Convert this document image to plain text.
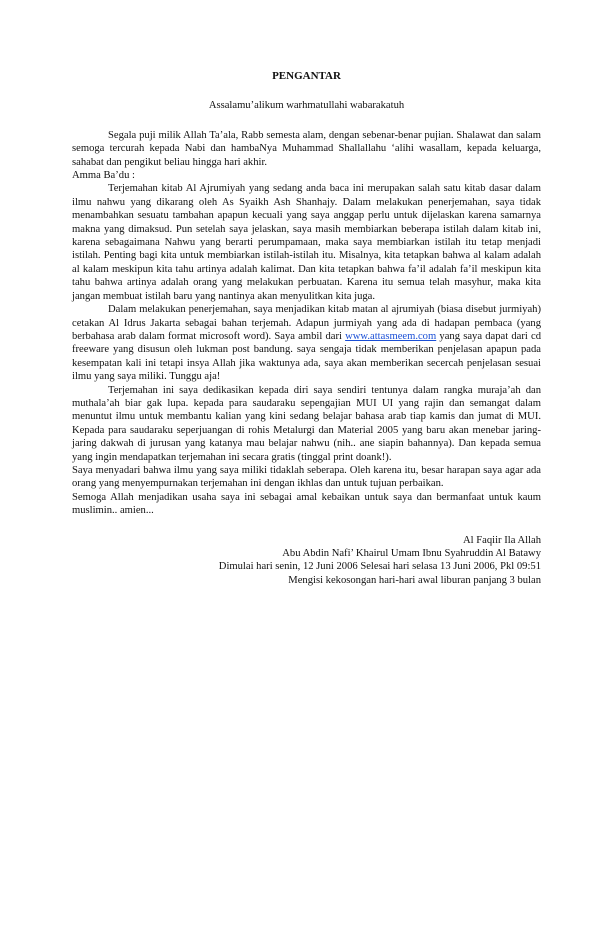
PENGANTAR
Assalamu’alikum warhmatullahi wabarakatuh

Segala puji milik Allah Ta’ala, Rabb semesta alam, dengan sebenar-benar pujian. Shalawat dan salam semoga tercurah kepada Nabi dan hambaNya Muhammad Shallallahu ‘alihi wasallam, kepada keluarga, sahabat dan pengikut beliau hingga hari akhir.

Amma Ba’du :

Terjemahan kitab Al Ajrumiyah yang sedang anda baca ini merupakan salah satu kitab dasar dalam ilmu nahwu yang dikarang oleh As Syaikh Ash Shanhajy. Dalam melakukan penerjemahan, saya tidak menambahkan sesuatu tambahan apapun kecuali yang saya anggap perlu untuk dijelaskan karena samarnya makna yang dimaksud. Pun setelah saya jelaskan, saya masih membiarkan beberapa istilah dalam kitab ini, karena sebagaimana Nahwu yang berarti perumpamaan, maka saya membiarkan istilah itu tetap menjadi istilah. Penting bagi kita untuk membiarkan istilah-istilah itu. Misalnya, kita tetapkan bahwa al kalam adalah al kalam meskipun kita tahu artinya adalah kalimat. Dan kita tetapkan bahwa fa’il adalah fa’il meskipun kita tahu bahwa artinya adalah orang yang melakukan perbuatan. Karena itu semua telah masyhur, maka kita jangan membuat istilah baru yang nantinya akan menyulitkan kita juga.

Dalam melakukan penerjemahan, saya menjadikan kitab matan al ajrumiyah (biasa disebut jurmiyah) cetakan Al Idrus Jakarta sebagai bahan terjemah. Adapun jurmiyah yang ada di hadapan pembaca (yang berbahasa arab dalam format microsoft word). Saya ambil dari www.attasmeem.com yang saya dapat dari cd freeware yang disusun oleh lukman post bandung. saya sengaja tidak memberikan penjelasan apapun pada kesempatan kali ini tetapi insya Allah jika waktunya ada, saya akan memberikan secercah penjelasan sesuai ilmu yang saya miliki. Tunggu aja!

Terjemahan ini saya dedikasikan kepada diri saya sendiri tentunya dalam rangka muraja’ah dan muthala’ah biar gak lupa. kepada para saudaraku sepengajian MUI UI yang rajin dan semangat dalam menuntut ilmu untuk membantu kalian yang kini sedang belajar bahasa arab tiap kamis dan jumat di MUI. Kepada para saudaraku seperjuangan di rohis Metalurgi dan Material 2005 yang baru akan menebar jaring-jaring dakwah di jurusan yang katanya mau belajar nahwu (nih.. ane siapin bahannya). Dan kepada semua yang ingin mendapatkan terjemahan ini secara gratis (tinggal print doank!).

Saya menyadari bahwa ilmu yang saya miliki tidaklah seberapa. Oleh karena itu, besar harapan saya agar ada orang yang menyempurnakan terjemahan ini dengan ikhlas dan untuk tujuan perbaikan.

Semoga Allah menjadikan usaha saya ini sebagai amal kebaikan untuk saya dan bermanfaat untuk kaum muslimin.. amien...

Al Faqiir Ila Allah
Abu Abdin Nafi’ Khairul Umam Ibnu Syahruddin Al Batawy
Dimulai hari senin, 12 Juni 2006 Selesai hari selasa 13 Juni 2006, Pkl 09:51
Mengisi kekosongan hari-hari awal liburan panjang 3 bulan
